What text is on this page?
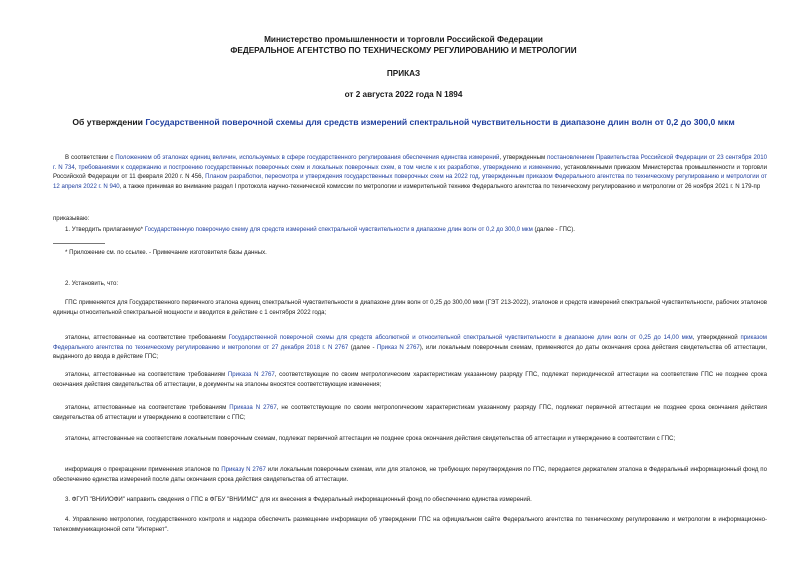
Министерство промышленности и торговли Российской Федерации
ФЕДЕРАЛЬНОЕ АГЕНТСТВО ПО ТЕХНИЧЕСКОМУ РЕГУЛИРОВАНИЮ И МЕТРОЛОГИИ
ПРИКАЗ
от 2 августа 2022 года N 1894
Об утверждении Государственной поверочной схемы для средств измерений спектральной чувствительности в диапазоне длин волн от 0,2 до 300,0 мкм
В соответствии с Положением об эталонах единиц величин, используемых в сфере государственного регулирования обеспечения единства измерений, утвержденным постановлением Правительства Российской Федерации от 23 сентября 2010 г. N 734, требованиями к содержанию и построению государственных поверочных схем и локальных поверочных схем, в том числе к их разработке, утверждению и изменению, установленными приказом Министерства промышленности и торговли Российской Федерации от 11 февраля 2020 г. N 456, Планом разработки, пересмотра и утверждения государственных поверочных схем на 2022 год, утвержденным приказом Федерального агентства по техническому регулированию и метрологии от 12 апреля 2022 г. N 940, а также принимая во внимание раздел I протокола научно-технической комиссии по метрологии и измерительной технике Федерального агентства по техническому регулированию и метрологии от 26 ноября 2021 г. N 179-пр
приказываю:
1. Утвердить прилагаемую* Государственную поверочную схему для средств измерений спектральной чувствительности в диапазоне длин волн от 0,2 до 300,0 мкм (далее - ГПС).
* Приложение см. по ссылке. - Примечание изготовителя базы данных.
2. Установить, что:
ГПС применяется для Государственного первичного эталона единиц спектральной чувствительности в диапазоне длин волн от 0,25 до 300,00 мкм (ГЭТ 213-2022), эталонов и средств измерений спектральной чувствительности, рабочих эталонов единицы относительной спектральной мощности и вводится в действие с 1 сентября 2022 года;
эталоны, аттестованные на соответствие требованиям Государственной поверочной схемы для средств абсолютной и относительной спектральной чувствительности в диапазоне длин волн от 0,25 до 14,00 мкм, утвержденной приказом Федерального агентства по техническому регулированию и метрологии от 27 декабря 2018 г. N 2767 (далее - Приказ N 2767), или локальным поверочным схемам, применяются до даты окончания срока действия свидетельства об аттестации, выданного до ввода в действие ГПС;
эталоны, аттестованные на соответствие требованиям Приказа N 2767, соответствующие по своим метрологическим характеристикам указанному разряду ГПС, подлежат периодической аттестации на соответствие ГПС не позднее срока окончания действия свидетельства об аттестации, в документы на эталоны вносятся соответствующие изменения;
эталоны, аттестованные на соответствие требованиям Приказа N 2767, не соответствующие по своим метрологическим характеристикам указанному разряду ГПС, подлежат первичной аттестации не позднее срока окончания действия свидетельства об аттестации и утверждению в соответствии с ГПС;
эталоны, аттестованные на соответствие локальным поверочным схемам, подлежат первичной аттестации не позднее срока окончания действия свидетельства об аттестации и утверждению в соответствии с ГПС;
информация о прекращении применения эталонов по Приказу N 2767 или локальным поверочным схемам, или для эталонов, не требующих переутверждения по ГПС, передается держателем эталона в Федеральный информационный фонд по обеспечению единства измерений после даты окончания срока действия свидетельства об аттестации.
3. ФГУП "ВНИИОФИ" направить сведения о ГПС в ФГБУ "ВНИИМС" для их внесения в Федеральный информационный фонд по обеспечению единства измерений.
4. Управлению метрологии, государственного контроля и надзора обеспечить размещение информации об утверждении ГПС на официальном сайте Федерального агентства по техническому регулированию и метрологии в информационно-телекоммуникационной сети "Интернет".
